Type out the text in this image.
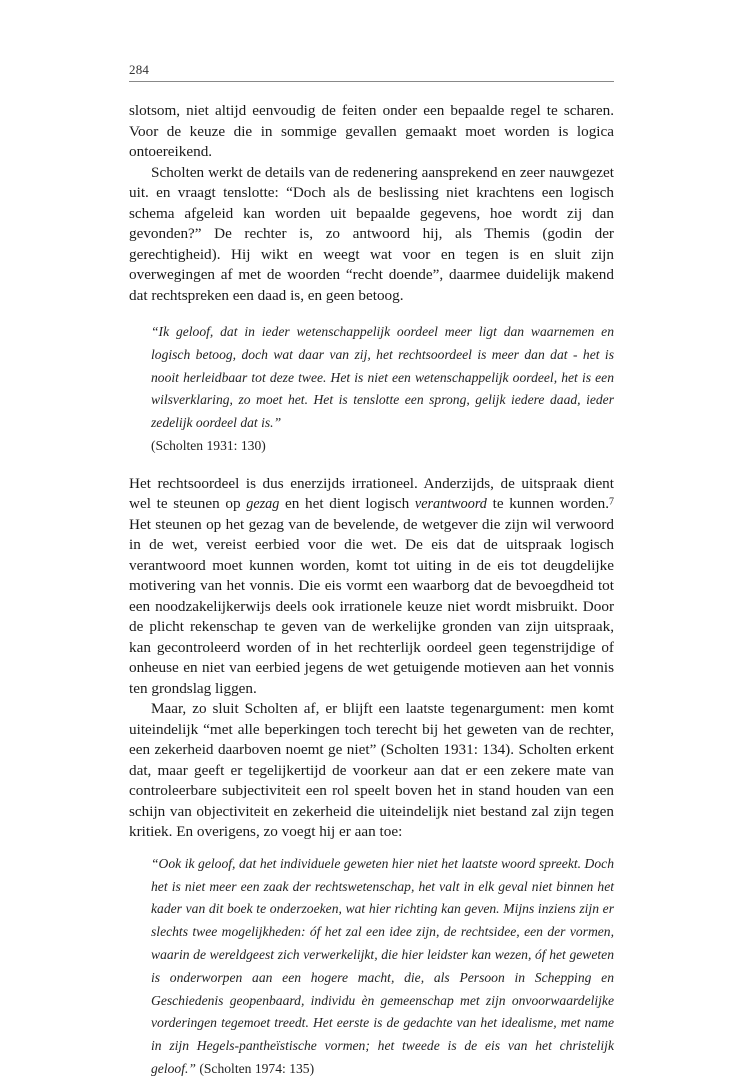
284

slotsom, niet altijd eenvoudig de feiten onder een bepaalde regel te scharen. Voor de keuze die in sommige gevallen gemaakt moet worden is logica ontoereikend.

Scholten werkt de details van de redenering aansprekend en zeer nauwgezet uit. en vraagt tenslotte: “Doch als de beslissing niet krachtens een logisch schema afgeleid kan worden uit bepaalde gegevens, hoe wordt zij dan gevonden?” De rechter is, zo antwoord hij, als Themis (godin der gerechtigheid). Hij wikt en weegt wat voor en tegen is en sluit zijn overwegingen af met de woorden “recht doende”, daarmee duidelijk makend dat rechtspreken een daad is, en geen betoog.

“Ik geloof, dat in ieder wetenschappelijk oordeel meer ligt dan waarnemen en logisch betoog, doch wat daar van zij, het rechtsoordeel is meer dan dat - het is nooit herleidbaar tot deze twee. Het is niet een wetenschappelijk oordeel, het is een wilsverklaring, zo moet het. Het is tenslotte een sprong, gelijk iedere daad, ieder zedelijk oordeel dat is.”
(Scholten 1931: 130)

Het rechtsoordeel is dus enerzijds irrationeel. Anderzijds, de uitspraak dient wel te steunen op gezag en het dient logisch verantwoord te kunnen worden.$^7$ Het steunen op het gezag van de bevelende, de wetgever die zijn wil verwoord in de wet, vereist eerbied voor die wet. De eis dat de uitspraak logisch verantwoord moet kunnen worden, komt tot uiting in de eis tot deugdelijke motivering van het vonnis. Die eis vormt een waarborg dat de bevoegdheid tot een noodzakelijkerwijs deels ook irrationele keuze niet wordt misbruikt. Door de plicht rekenschap te geven van de werkelijke gronden van zijn uitspraak, kan gecontroleerd worden of in het rechterlijk oordeel geen tegenstrijdige of onheuse en niet van eerbied jegens de wet getuigende motieven aan het vonnis ten grondslag liggen.

Maar, zo sluit Scholten af, er blijft een laatste tegenargument: men komt uiteindelijk “met alle beperkingen toch terecht bij het geweten van de rechter, een zekerheid daarboven noemt ge niet” (Scholten 1931: 134). Scholten erkent dat, maar geeft er tegelijkertijd de voorkeur aan dat er een zekere mate van controleerbare subjectiviteit een rol speelt boven het in stand houden van een schijn van objectiviteit en zekerheid die uiteindelijk niet bestand zal zijn tegen kritiek. En overigens, zo voegt hij er aan toe:

“Ook ik geloof, dat het individuele geweten hier niet het laatste woord spreekt. Doch het is niet meer een zaak der rechtswetenschap, het valt in elk geval niet binnen het kader van dit boek te onderzoeken, wat hier richting kan geven. Mijns inziens zijn er slechts twee mogelijkheden: óf het zal een idee zijn, de rechtsidee, een der vormen, waarin de wereldgeest zich verwerkelijkt, die hier leidster kan wezen, óf het geweten is onderworpen aan een hogere macht, die, als Persoon in Schepping en Geschiedenis geopenbaard, individu èn gemeenschap met zijn onvoorwaardelijke vorderingen tegemoet treedt. Het eerste is de gedachte van het idealisme, met name in zijn Hegels-pantheïstische vormen; het tweede is de eis van het christelijk geloof.” (Scholten 1974: 135)
